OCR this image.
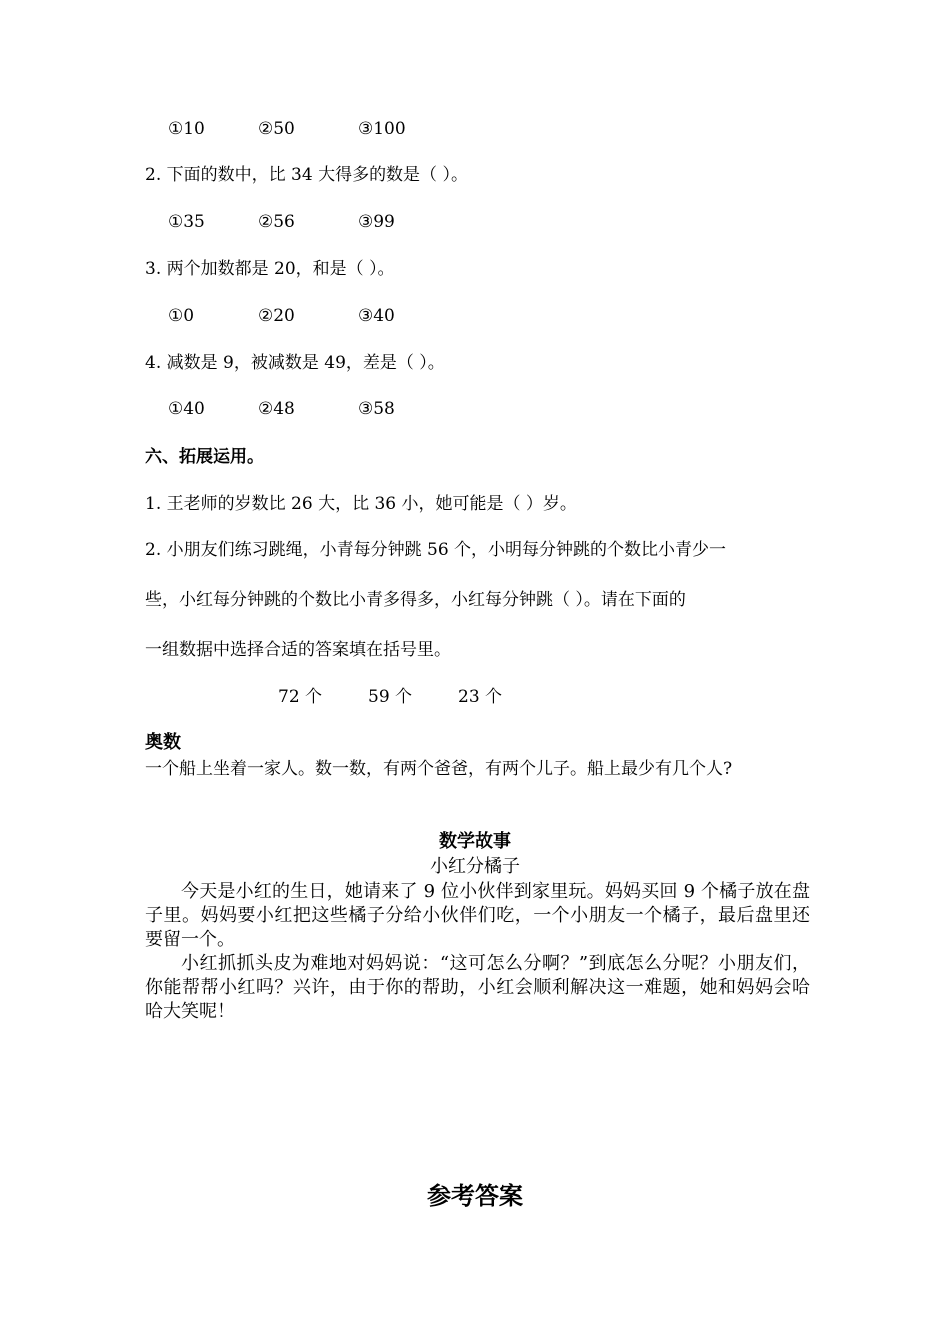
①10	②50	③100
2. 下面的数中，比 34 大得多的数是（ ）。
①35	②56	③99
3. 两个加数都是 20，和是（ ）。
①0	②20	③40
4. 减数是 9，被减数是 49，差是（ ）。
①40	②48	③58
六、拓展运用。
1. 王老师的岁数比 26 大，比 36 小，她可能是（ ）岁。
2. 小朋友们练习跳绳，小青每分钟跳 56 个，小明每分钟跳的个数比小青少一
些，小红每分钟跳的个数比小青多得多，小红每分钟跳（ ）。请在下面的
一组数据中选择合适的答案填在括号里。
72 个	59 个	23 个
奥数
一个船上坐着一家人。数一数，有两个爸爸，有两个儿子。船上最少有几个人?
数学故事
小红分橘子

今天是小红的生日，她请来了 9 位小伙伴到家里玩。妈妈买回 9 个橘子放在盘子里。妈妈要小红把这些橘子分给小伙伴们吃，一个小朋友一个橘子，最后盘里还要留一个。

小红抓抓头皮为难地对妈妈说：“这可怎么分啊？”到底怎么分呢？小朋友们，你能帮帮小红吗？兴许，由于你的帮助，小红会顺利解决这一难题，她和妈妈会哈哈大笑呢！

参考答案
